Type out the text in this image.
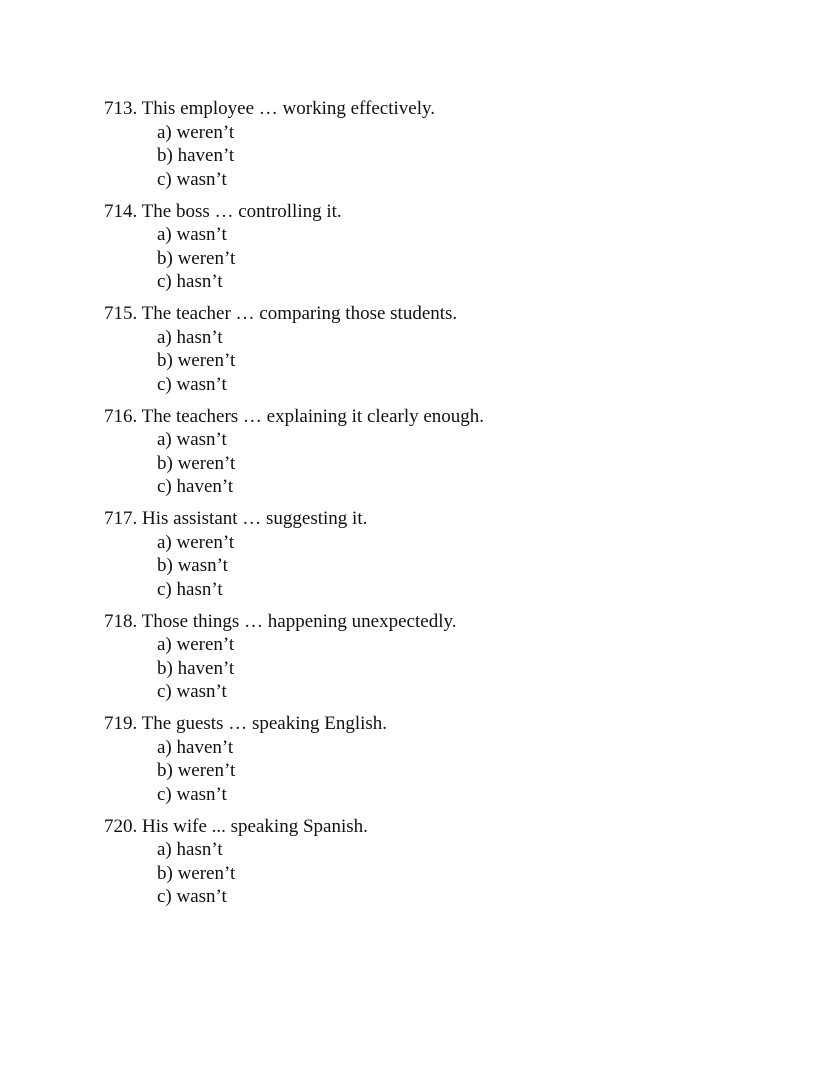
713. This employee … working effectively.
a) weren’t
b) haven’t
c) wasn’t
714. The boss … controlling it.
a) wasn’t
b) weren’t
c) hasn’t
715. The teacher … comparing those students.
a) hasn’t
b) weren’t
c) wasn’t
716. The teachers … explaining it clearly enough.
a) wasn’t
b) weren’t
c) haven’t
717. His assistant … suggesting it.
a) weren’t
b) wasn’t
c) hasn’t
718. Those things … happening unexpectedly.
a) weren’t
b) haven’t
c) wasn’t
719. The guests … speaking English.
a) haven’t
b) weren’t
c) wasn’t
720. His wife ... speaking Spanish.
a) hasn’t
b) weren’t
c) wasn’t
